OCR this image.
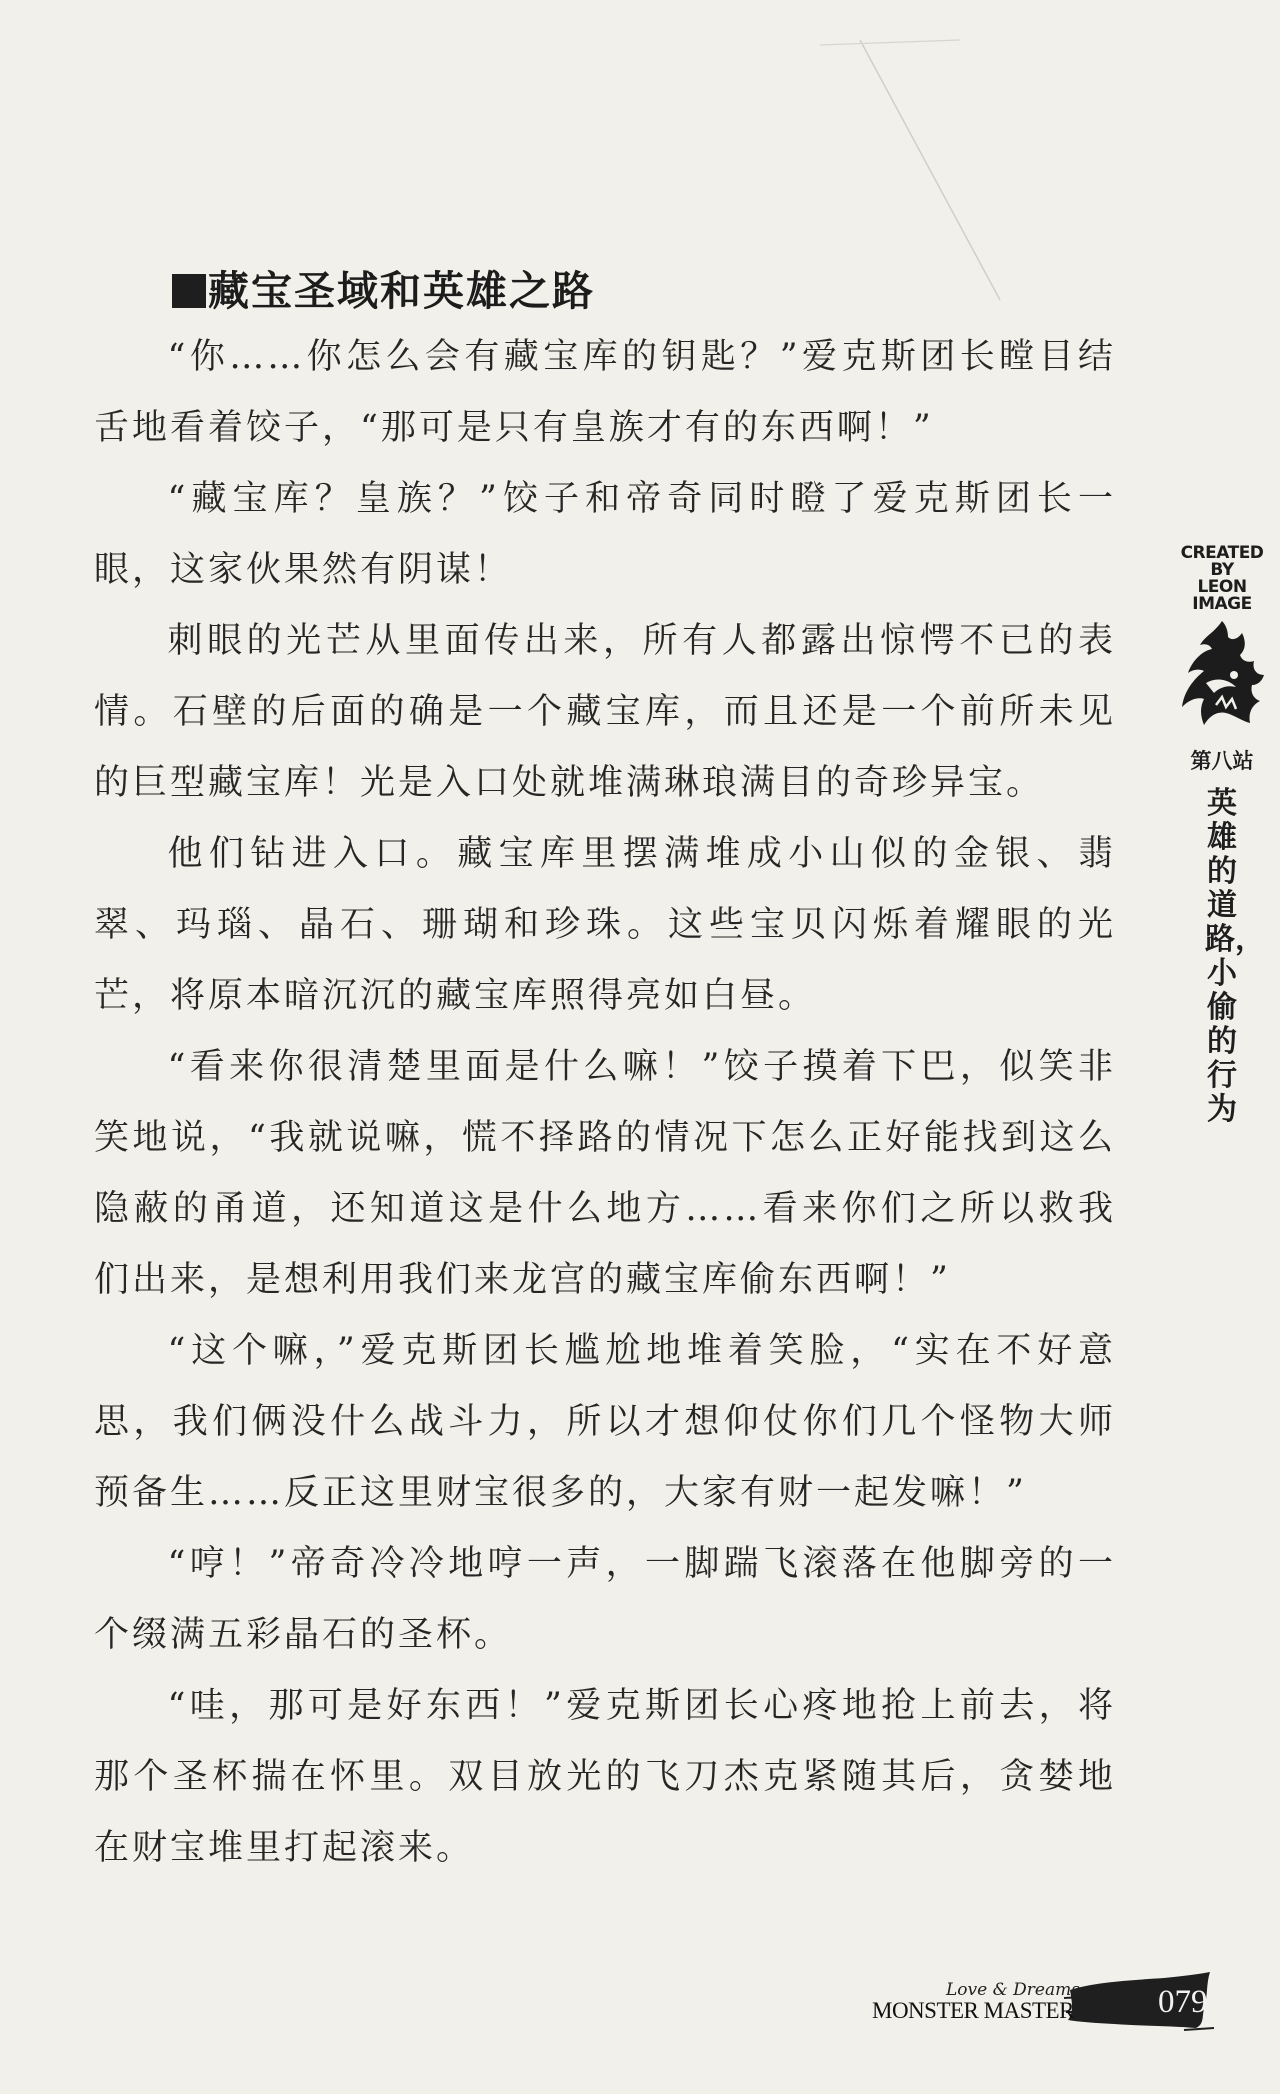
藏宝圣域和英雄之路

“你……你怎么会有藏宝库的钥匙？”爱克斯团长瞠目结舌地看着饺子，“那可是只有皇族才有的东西啊！”

“藏宝库？皇族？”饺子和帝奇同时瞪了爱克斯团长一眼，这家伙果然有阴谋！

刺眼的光芒从里面传出来，所有人都露出惊愕不已的表情。石壁的后面的确是一个藏宝库，而且还是一个前所未见的巨型藏宝库！光是入口处就堆满琳琅满目的奇珍异宝。

他们钻进入口。藏宝库里摆满堆成小山似的金银、翡翠、玛瑙、晶石、珊瑚和珍珠。这些宝贝闪烁着耀眼的光芒，将原本暗沉沉的藏宝库照得亮如白昼。

“看来你很清楚里面是什么嘛！”饺子摸着下巴，似笑非笑地说，“我就说嘛，慌不择路的情况下怎么正好能找到这么隐蔽的甬道，还知道这是什么地方……看来你们之所以救我们出来，是想利用我们来龙宫的藏宝库偷东西啊！”

“这个嘛，”爱克斯团长尴尬地堆着笑脸，“实在不好意思，我们俩没什么战斗力，所以才想仰仗你们几个怪物大师预备生……反正这里财宝很多的，大家有财一起发嘛！”

“哼！”帝奇冷冷地哼一声，一脚踹飞滚落在他脚旁的一个缀满五彩晶石的圣杯。

“哇，那可是好东西！”爱克斯团长心疼地抢上前去，将那个圣杯揣在怀里。双目放光的飞刀杰克紧随其后，贪婪地在财宝堆里打起滚来。

CREATED
BY
LEON
IMAGE
第八站
英雄的道路，小偷的行为
Love & Dreams
MONSTER MASTER	079
